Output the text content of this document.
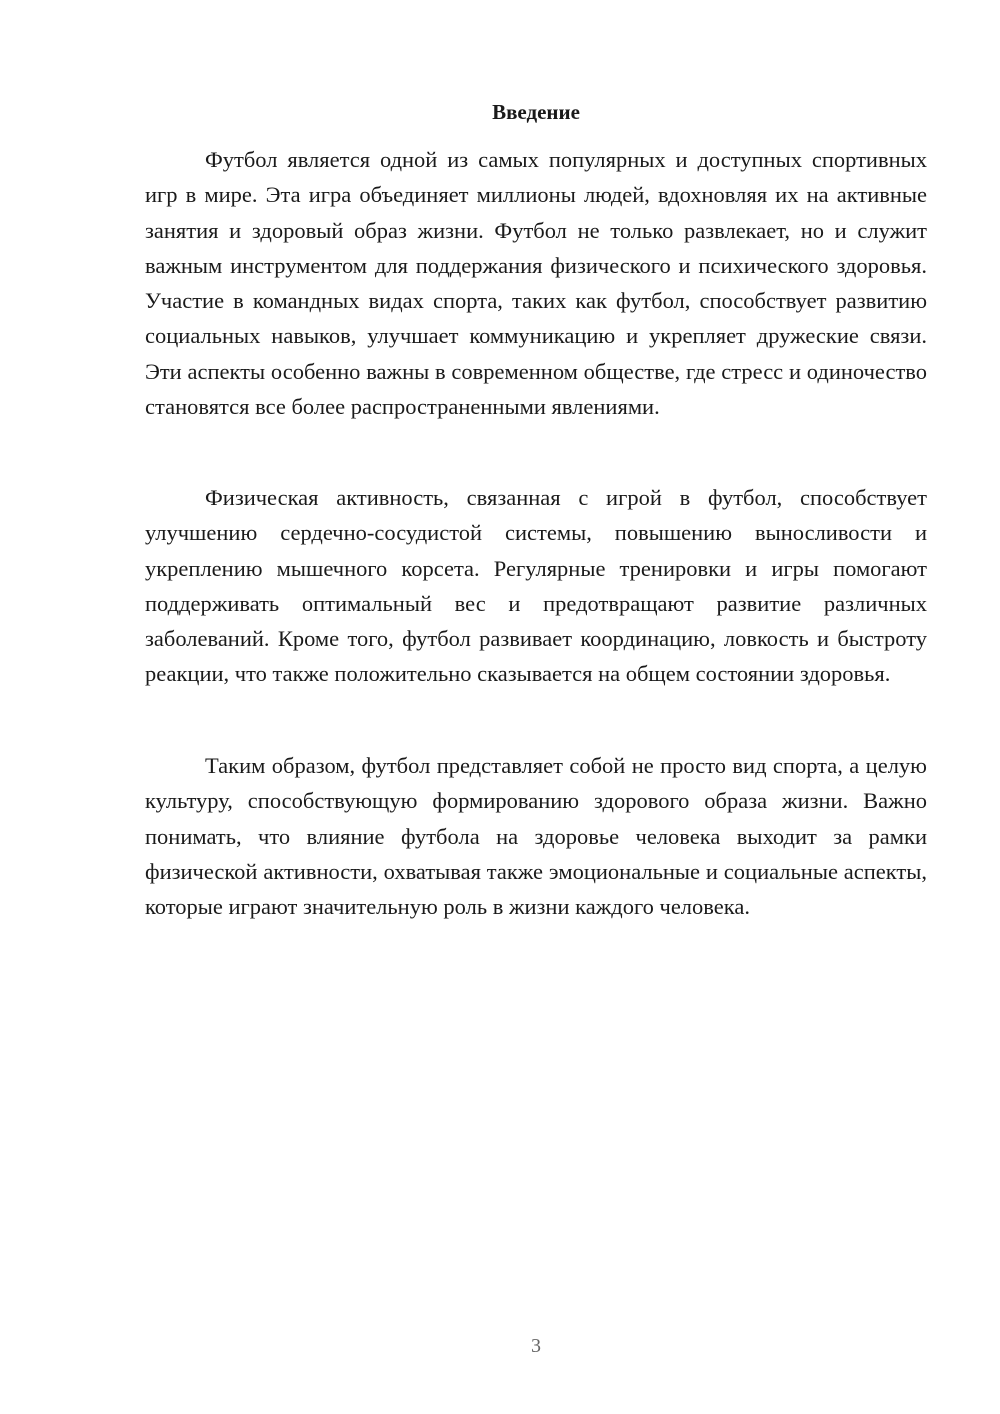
Введение

Футбол является одной из самых популярных и доступных спортивных игр в мире. Эта игра объединяет миллионы людей, вдохновляя их на активные занятия и здоровый образ жизни. Футбол не только развлекает, но и служит важным инструментом для поддержания физического и психического здоровья. Участие в командных видах спорта, таких как футбол, способствует развитию социальных навыков, улучшает коммуникацию и укрепляет дружеские связи. Эти аспекты особенно важны в современном обществе, где стресс и одиночество становятся все более распространенными явлениями.

Физическая активность, связанная с игрой в футбол, способствует улучшению сердечно-сосудистой системы, повышению выносливости и укреплению мышечного корсета. Регулярные тренировки и игры помогают поддерживать оптимальный вес и предотвращают развитие различных заболеваний. Кроме того, футбол развивает координацию, ловкость и быстроту реакции, что также положительно сказывается на общем состоянии здоровья.

Таким образом, футбол представляет собой не просто вид спорта, а целую культуру, способствующую формированию здорового образа жизни. Важно понимать, что влияние футбола на здоровье человека выходит за рамки физической активности, охватывая также эмоциональные и социальные аспекты, которые играют значительную роль в жизни каждого человека.

3
